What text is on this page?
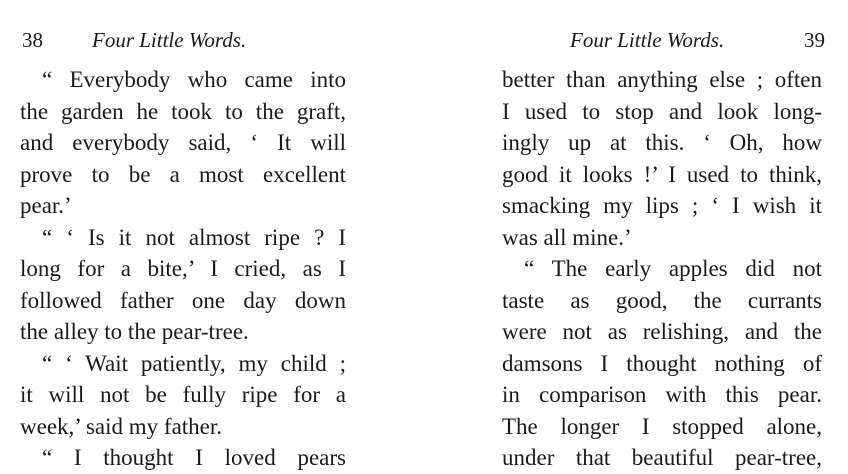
38 Four Little Words.
“ Everybody who came into
the garden he took to the graft,
and everybody said, ‘ It will
prove to be a most excellent
pear.’
“ ‘ Is it not almost ripe ? I
long for a bite,’ I cried, as I
followed father one day down
the alley to the pear-tree.
“ ‘ Wait patiently, my child ;
it will not be fully ripe for a
week,’ said my father.
“ I thought I loved pears
Four Little Words.	39
better than anything else ; often
I used to stop and look long-
ingly up at this. ‘ Oh, how
good it looks !’ I used to think,
smacking my lips ; ‘ I wish it
was all mine.’
“ The early apples did not
taste as good, the currants
were not as relishing, and the
damsons I thought nothing of
in comparison with this pear.
The longer I stopped alone,
under that beautiful pear-tree,
